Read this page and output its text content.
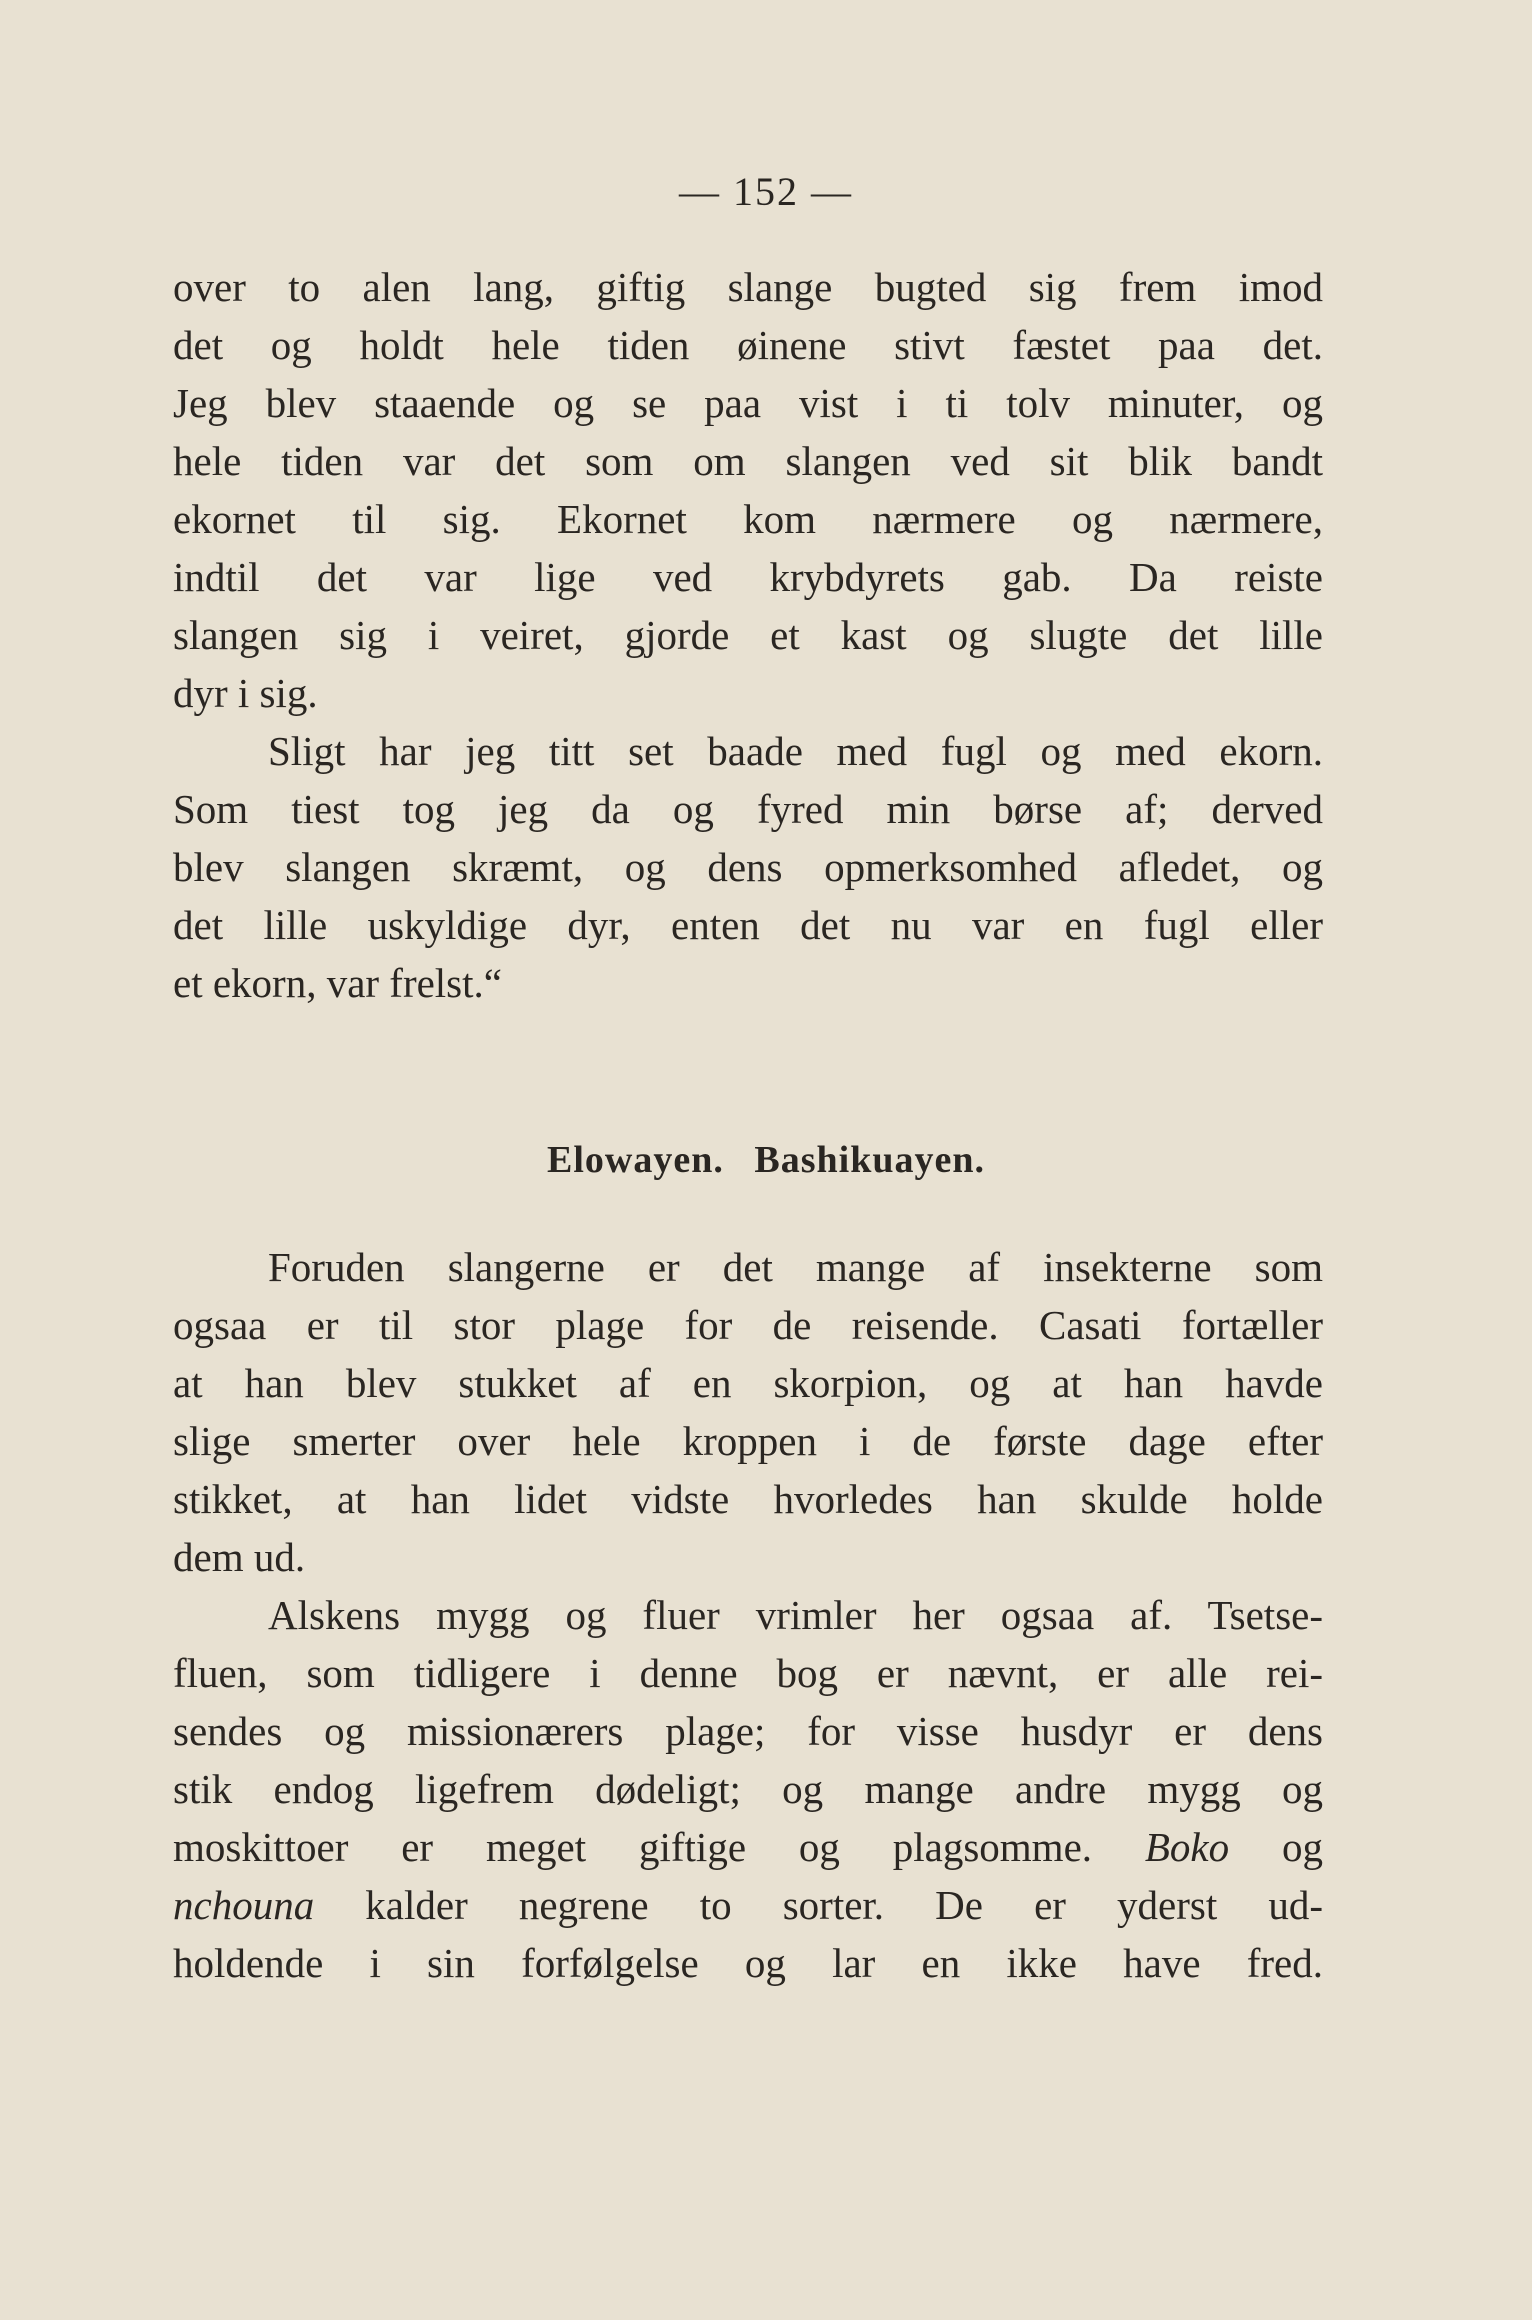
— 152 —
over to alen lang, giftig slange bugted sig frem imod
det og holdt hele tiden øinene stivt fæstet paa det.
Jeg blev staaende og se paa vist i ti tolv minuter, og
hele tiden var det som om slangen ved sit blik bandt
ekornet til sig. Ekornet kom nærmere og nærmere,
indtil det var lige ved krybdyrets gab. Da reiste
slangen sig i veiret, gjorde et kast og slugte det lille
dyr i sig.
Sligt har jeg titt set baade med fugl og med ekorn.
Som tiest tog jeg da og fyred min børse af; derved
blev slangen skræmt, og dens opmerksomhed afledet, og
det lille uskyldige dyr, enten det nu var en fugl eller
et ekorn, var frelst.“
Elowayen. Bashikuayen.
Foruden slangerne er det mange af insekterne som
ogsaa er til stor plage for de reisende. Casati fortæller
at han blev stukket af en skorpion, og at han havde
slige smerter over hele kroppen i de første dage efter
stikket, at han lidet vidste hvorledes han skulde holde
dem ud.
Alskens mygg og fluer vrimler her ogsaa af. Tsetse-
fluen, som tidligere i denne bog er nævnt, er alle rei-
sendes og missionærers plage; for visse husdyr er dens
stik endog ligefrem dødeligt; og mange andre mygg og
moskittoer er meget giftige og plagsomme. Boko og
nchouna kalder negrene to sorter. De er yderst ud-
holdende i sin forfølgelse og lar en ikke have fred.
